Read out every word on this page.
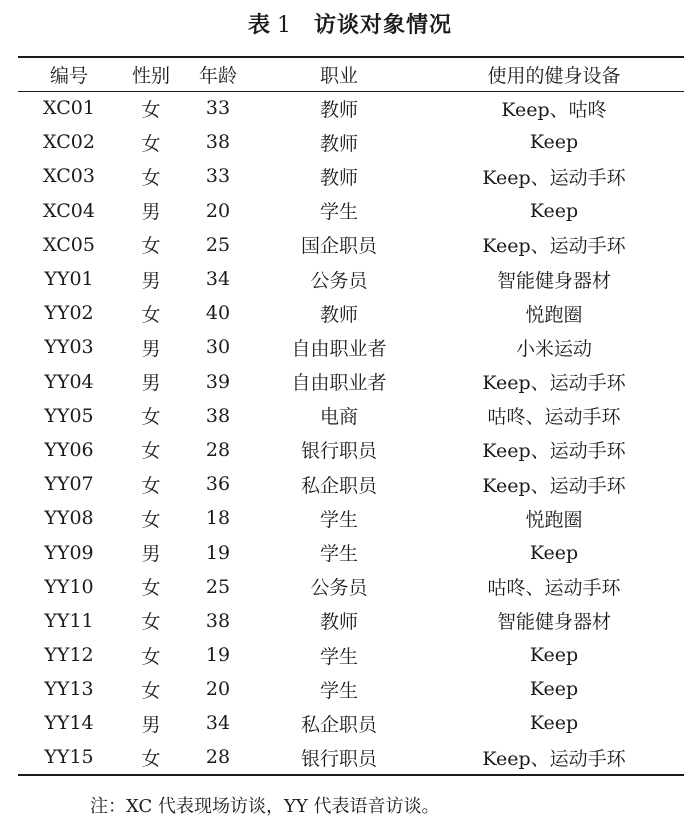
表 1 访谈对象情况
编号	性别	年龄	职业	使用的健身设备
XC01	女	33	教师	Keep、咕咚
XC02	女	38	教师	Keep
XC03	女	33	教师	Keep、运动手环
XC04	男	20	学生	Keep
XC05	女	25	国企职员	Keep、运动手环
YY01	男	34	公务员	智能健身器材
YY02	女	40	教师	悦跑圈
YY03	男	30	自由职业者	小米运动
YY04	男	39	自由职业者	Keep、运动手环
YY05	女	38	电商	咕咚、运动手环
YY06	女	28	银行职员	Keep、运动手环
YY07	女	36	私企职员	Keep、运动手环
YY08	女	18	学生	悦跑圈
YY09	男	19	学生	Keep
YY10	女	25	公务员	咕咚、运动手环
YY11	女	38	教师	智能健身器材
YY12	女	19	学生	Keep
YY13	女	20	学生	Keep
YY14	男	34	私企职员	Keep
YY15	女	28	银行职员	Keep、运动手环
注：XC 代表现场访谈，YY 代表语音访谈。
